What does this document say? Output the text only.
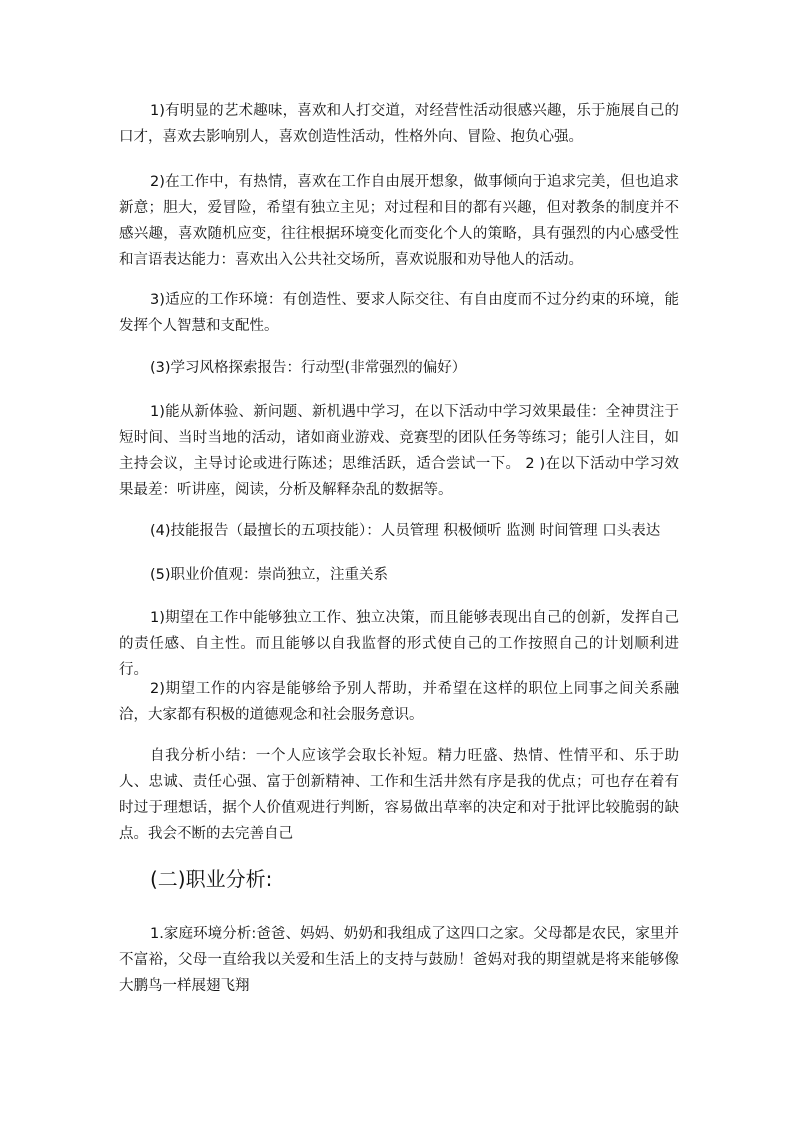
1)有明显的艺术趣味，喜欢和人打交道，对经营性活动很感兴趣，乐于施展自己的口才，喜欢去影响别人，喜欢创造性活动，性格外向、冒险、抱负心强。

2)在工作中，有热情，喜欢在工作自由展开想象，做事倾向于追求完美，但也追求新意；胆大，爱冒险，希望有独立主见；对过程和目的都有兴趣，但对教条的制度并不感兴趣，喜欢随机应变，往往根据环境变化而变化个人的策略，具有强烈的内心感受性和言语表达能力：喜欢出入公共社交场所，喜欢说服和劝导他人的活动。

3)适应的工作环境：有创造性、要求人际交往、有自由度而不过分约束的环境，能发挥个人智慧和支配性。

(3)学习风格探索报告：行动型(非常强烈的偏好）

1)能从新体验、新问题、新机遇中学习，在以下活动中学习效果最佳：全神贯注于短时间、当时当地的活动，诸如商业游戏、竞赛型的团队任务等练习；能引人注目，如主持会议，主导讨论或进行陈述；思维活跃，适合尝试一下。 2 )在以下活动中学习效果最差：听讲座，阅读，分析及解释杂乱的数据等。

(4)技能报告（最擅长的五项技能）：人员管理 积极倾听 监测 时间管理 口头表达

(5)职业价值观：崇尚独立，注重关系

1)期望在工作中能够独立工作、独立决策，而且能够表现出自己的创新，发挥自己的责任感、自主性。而且能够以自我监督的形式使自己的工作按照自己的计划顺利进行。

2)期望工作的内容是能够给予别人帮助，并希望在这样的职位上同事之间关系融洽，大家都有积极的道德观念和社会服务意识。

自我分析小结：一个人应该学会取长补短。精力旺盛、热情、性情平和、乐于助人、忠诚、责任心强、富于创新精神、工作和生活井然有序是我的优点；可也存在着有时过于理想话，据个人价值观进行判断，容易做出草率的决定和对于批评比较脆弱的缺点。我会不断的去完善自己

(二)职业分析:

1.家庭环境分析:爸爸、妈妈、奶奶和我组成了这四口之家。父母都是农民，家里并不富裕，父母一直给我以关爱和生活上的支持与鼓励！爸妈对我的期望就是将来能够像大鹏鸟一样展翅飞翔
